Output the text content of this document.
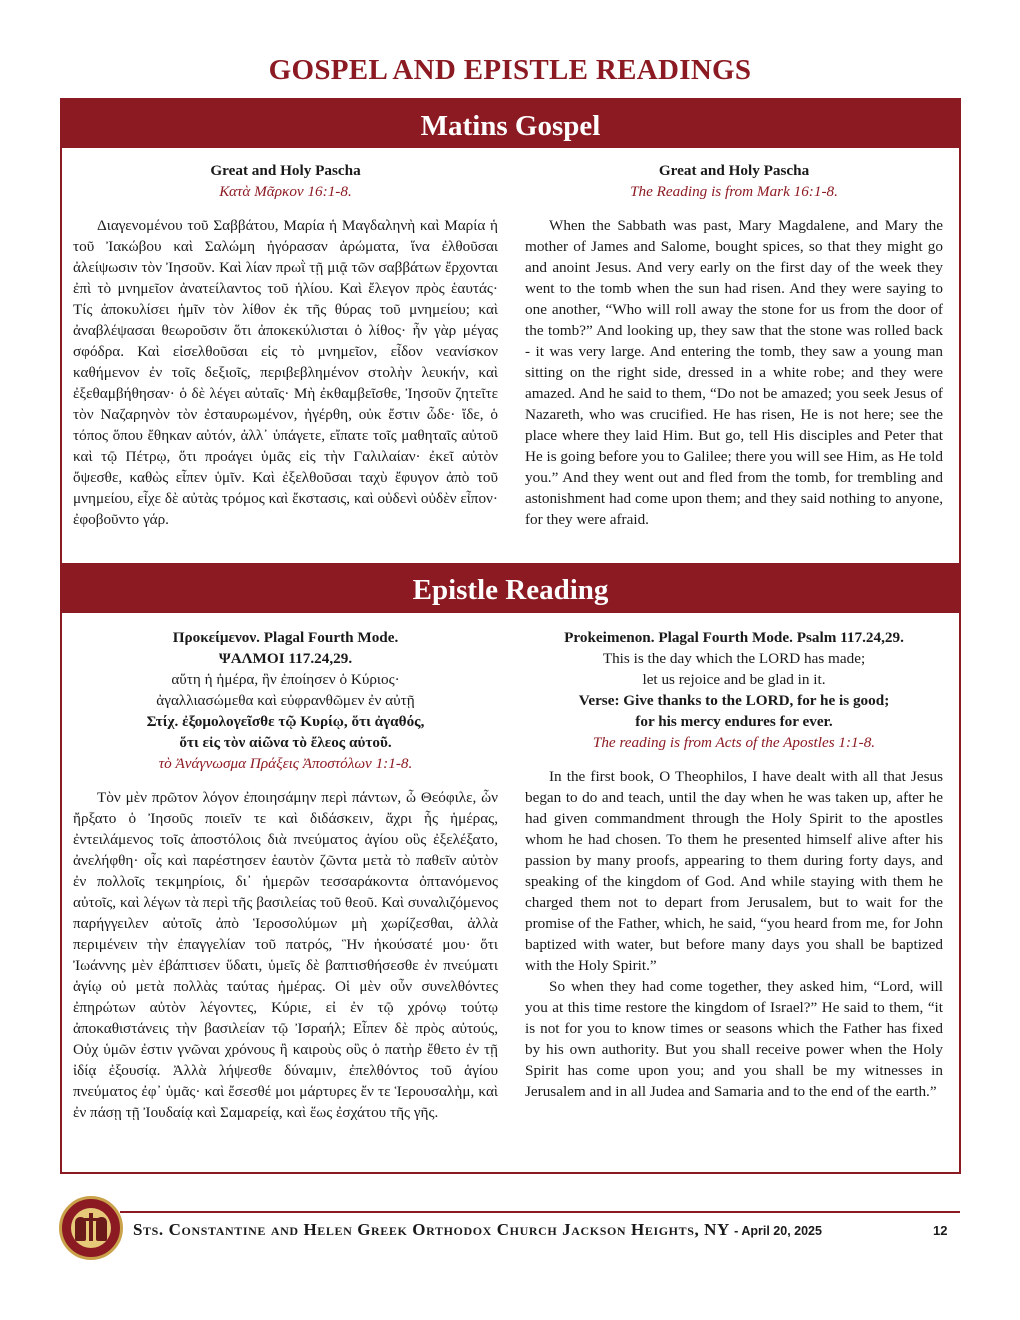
GOSPEL AND EPISTLE READINGS
Matins Gospel
Great and Holy Pascha
Κατὰ Μᾶρκον 16:1-8.

Διαγενομένου τοῦ Σαββάτου, Μαρία ἡ Μαγδαληνὴ καὶ Μαρία ἡ τοῦ Ἰακώβου καὶ Σαλώμη ἠγόρασαν ἀρώματα, ἵνα ἐλθοῦσαι ἀλείψωσιν τὸν Ἰησοῦν. Καὶ λίαν πρωῒ τῇ μιᾷ τῶν σαββάτων ἔρχονται ἐπὶ τὸ μνημεῖον ἀνατείλαντος τοῦ ἡλίου. Καὶ ἔλεγον πρὸς ἑαυτάς· Τίς ἀποκυλίσει ἡμῖν τὸν λίθον ἐκ τῆς θύρας τοῦ μνημείου; καὶ ἀναβλέψασαι θεωροῦσιν ὅτι ἀποκεκύλισται ὁ λίθος· ἦν γὰρ μέγας σφόδρα. Καὶ εἰσελθοῦσαι εἰς τὸ μνημεῖον, εἶδον νεανίσκον καθήμενον ἐν τοῖς δεξιοῖς, περιβεβλημένον στολὴν λευκήν, καὶ ἐξεθαμβήθησαν· ὁ δὲ λέγει αὐταῖς· Μὴ ἐκθαμβεῖσθε, Ἰησοῦν ζητεῖτε τὸν Ναζαρηνὸν τὸν ἐσταυρωμένον, ἠγέρθη, οὐκ ἔστιν ὧδε· ἴδε, ὁ τόπος ὅπου ἔθηκαν αὐτόν, ἀλλ᾿ ὑπάγετε, εἴπατε τοῖς μαθηταῖς αὐτοῦ καὶ τῷ Πέτρῳ, ὅτι προάγει ὑμᾶς εἰς τὴν Γαλιλαίαν· ἐκεῖ αὐτὸν ὄψεσθε, καθὼς εἶπεν ὑμῖν. Καὶ ἐξελθοῦσαι ταχὺ ἔφυγον ἀπὸ τοῦ μνημείου, εἶχε δὲ αὐτὰς τρόμος καὶ ἔκστασις, καὶ οὐδενὶ οὐδὲν εἶπον· ἐφοβοῦντο γάρ.

Great and Holy Pascha
The Reading is from Mark 16:1-8.

When the Sabbath was past, Mary Magdalene, and Mary the mother of James and Salome, bought spices, so that they might go and anoint Jesus. And very early on the first day of the week they went to the tomb when the sun had risen. And they were saying to one another, “Who will roll away the stone for us from the door of the tomb?” And looking up, they saw that the stone was rolled back - it was very large. And entering the tomb, they saw a young man sitting on the right side, dressed in a white robe; and they were amazed. And he said to them, “Do not be amazed; you seek Jesus of Nazareth, who was crucified. He has risen, He is not here; see the place where they laid Him. But go, tell His disciples and Peter that He is going before you to Galilee; there you will see Him, as He told you.” And they went out and fled from the tomb, for trembling and astonishment had come upon them; and they said nothing to anyone, for they were afraid.

Epistle Reading
Προκείμενον. Plagal Fourth Mode.
ΨΑΛΜΟΙ 117.24,29.
αὕτη ἡ ἡμέρα, ἣν ἐποίησεν ὁ Κύριος·
ἀγαλλιασώμεθα καὶ εὐφρανθῶμεν ἐν αὐτῇ
Στίχ. ἐξομολογεῖσθε τῷ Κυρίῳ, ὅτι ἀγαθός,
ὅτι εἰς τὸν αἰῶνα τὸ ἔλεος αὐτοῦ.
τὸ Ἀνάγνωσμα Πράξεις Ἀποστόλων 1:1-8.

Τὸν μὲν πρῶτον λόγον ἐποιησάμην περὶ πάντων, ὦ Θεόφιλε, ὧν ἤρξατο ὁ Ἰησοῦς ποιεῖν τε καὶ διδάσκειν, ἄχρι ἧς ἡμέρας, ἐντειλάμενος τοῖς ἀποστόλοις διὰ πνεύματος ἁγίου οὓς ἐξελέξατο, ἀνελήφθη· οἷς καὶ παρέστησεν ἑαυτὸν ζῶντα μετὰ τὸ παθεῖν αὐτὸν ἐν πολλοῖς τεκμηρίοις, δι᾿ ἡμερῶν τεσσαράκοντα ὀπτανόμενος αὐτοῖς, καὶ λέγων τὰ περὶ τῆς βασιλείας τοῦ θεοῦ. Καὶ συναλιζόμενος παρήγγειλεν αὐτοῖς ἀπὸ Ἱεροσολύμων μὴ χωρίζεσθαι, ἀλλὰ περιμένειν τὴν ἐπαγγελίαν τοῦ πατρός, Ἣν ἠκούσατέ μου· ὅτι Ἰωάννης μὲν ἐβάπτισεν ὕδατι, ὑμεῖς δὲ βαπτισθήσεσθε ἐν πνεύματι ἁγίῳ οὐ μετὰ πολλὰς ταύτας ἡμέρας. Οἱ μὲν οὖν συνελθόντες ἐπηρώτων αὐτὸν λέγοντες, Κύριε, εἰ ἐν τῷ χρόνῳ τούτῳ ἀποκαθιστάνεις τὴν βασιλείαν τῷ Ἰσραήλ; Εἶπεν δὲ πρὸς αὐτούς, Οὐχ ὑμῶν ἐστιν γνῶναι χρόνους ἢ καιροὺς οὓς ὁ πατὴρ ἔθετο ἐν τῇ ἰδίᾳ ἐξουσίᾳ. Ἀλλὰ λήψεσθε δύναμιν, ἐπελθόντος τοῦ ἁγίου πνεύματος ἐφ᾿ ὑμᾶς· καὶ ἔσεσθέ μοι μάρτυρες ἔν τε Ἱερουσαλὴμ, καὶ ἐν πάσῃ τῇ Ἰουδαίᾳ καὶ Σαμαρείᾳ, καὶ ἕως ἐσχάτου τῆς γῆς.

Prokeimenon. Plagal Fourth Mode. Psalm 117.24,29.
This is the day which the LORD has made;
let us rejoice and be glad in it.
Verse: Give thanks to the LORD, for he is good;
for his mercy endures for ever.
The reading is from Acts of the Apostles 1:1-8.

In the first book, O Theophilos, I have dealt with all that Jesus began to do and teach, until the day when he was taken up, after he had given commandment through the Holy Spirit to the apostles whom he had chosen. To them he presented himself alive after his passion by many proofs, appearing to them during forty days, and speaking of the kingdom of God. And while staying with them he charged them not to depart from Jerusalem, but to wait for the promise of the Father, which, he said, “you heard from me, for John baptized with water, but before many days you shall be baptized with the Holy Spirit.”

So when they had come together, they asked him, “Lord, will you at this time restore the kingdom of Israel?” He said to them, “it is not for you to know times or seasons which the Father has fixed by his own authority. But you shall receive power when the Holy Spirit has come upon you; and you shall be my witnesses in Jerusalem and in all Judea and Samaria and to the end of the earth.”

Sts. Constantine and Helen Greek Orthodox Church Jackson Heights, NY - April 20, 2025	12
